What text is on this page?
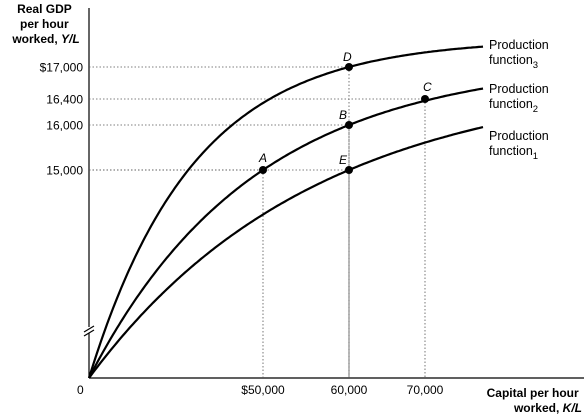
Real GDP per hour worked, Y/L
Capital per hour worked, K/L
0	$50,000	60,000	70,000
15,000
16,000
16,400
$17,000
A
B
C
D
E
Production function$_1$
Production function$_2$
Production function$_3$
